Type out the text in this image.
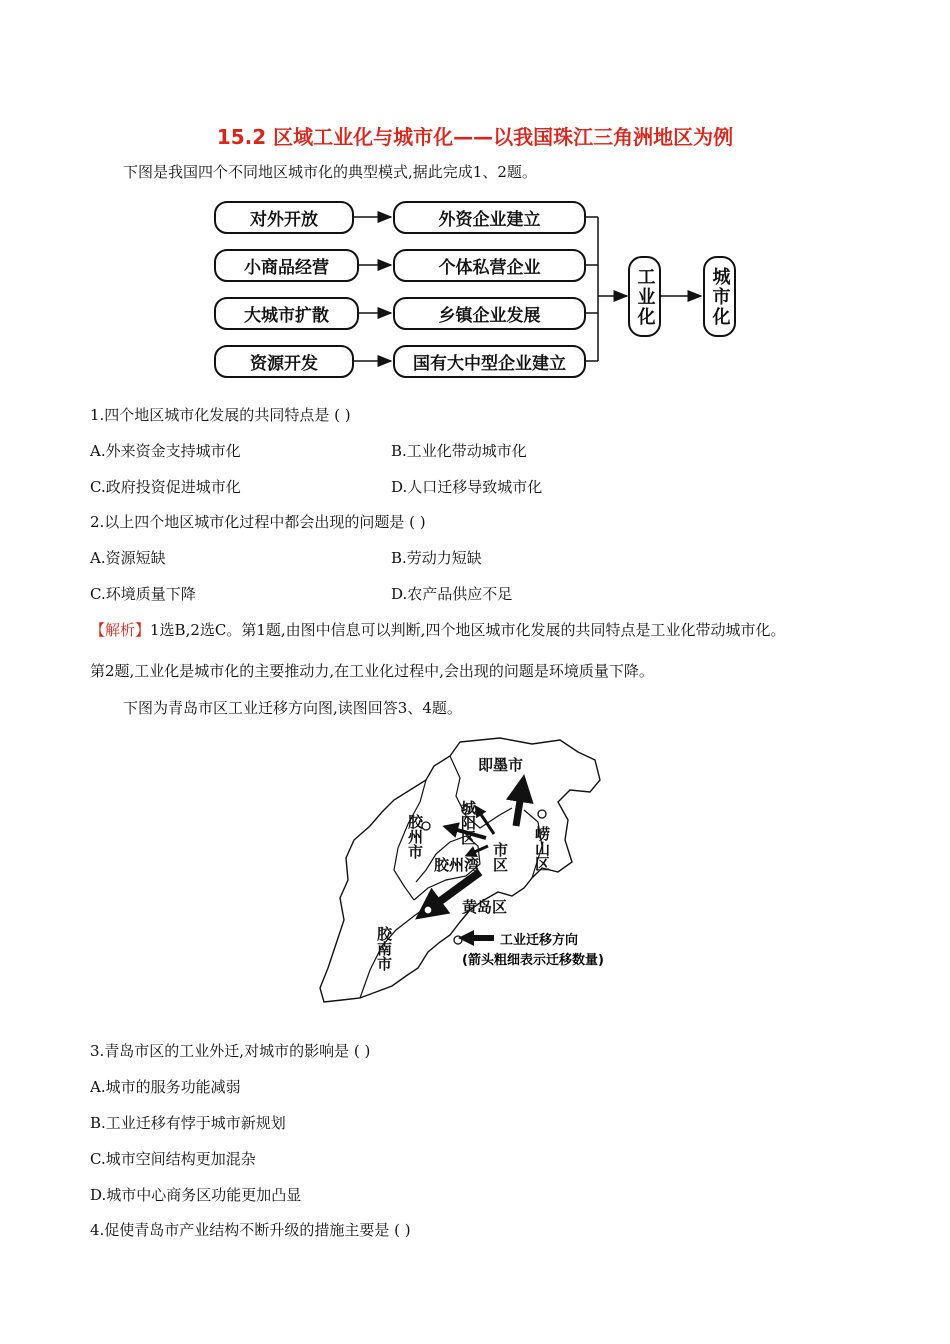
15.2 区域工业化与城市化——以我国珠江三角洲地区为例
下图是我国四个不同地区城市化的典型模式,据此完成1、2题。
对外开放
小商品经营
大城市扩散
资源开发
外资企业建立
个体私营企业
乡镇企业发展
国有大中型企业建立
工业化	城市化
1.四个地区城市化发展的共同特点是 ( )
A.外来资金支持城市化	B.工业化带动城市化
C.政府投资促进城市化	D.人口迁移导致城市化
2.以上四个地区城市化过程中都会出现的问题是 ( )
A.资源短缺	B.劳动力短缺
C.环境质量下降	D.农产品供应不足
【解析】1选B,2选C。第1题,由图中信息可以判断,四个地区城市化发展的共同特点是工业化带动城市化。
第2题,工业化是城市化的主要推动力,在工业化过程中,会出现的问题是环境质量下降。
下图为青岛市区工业迁移方向图,读图回答3、4题。
即墨市
胶州市 城阳区
胶州湾 市区 崂山区
黄岛区
胶南市	工业迁移方向
(箭头粗细表示迁移数量)
3.青岛市区的工业外迁,对城市的影响是 ( )
A.城市的服务功能减弱
B.工业迁移有悖于城市新规划
C.城市空间结构更加混杂
D.城市中心商务区功能更加凸显
4.促使青岛市产业结构不断升级的措施主要是 ( )
